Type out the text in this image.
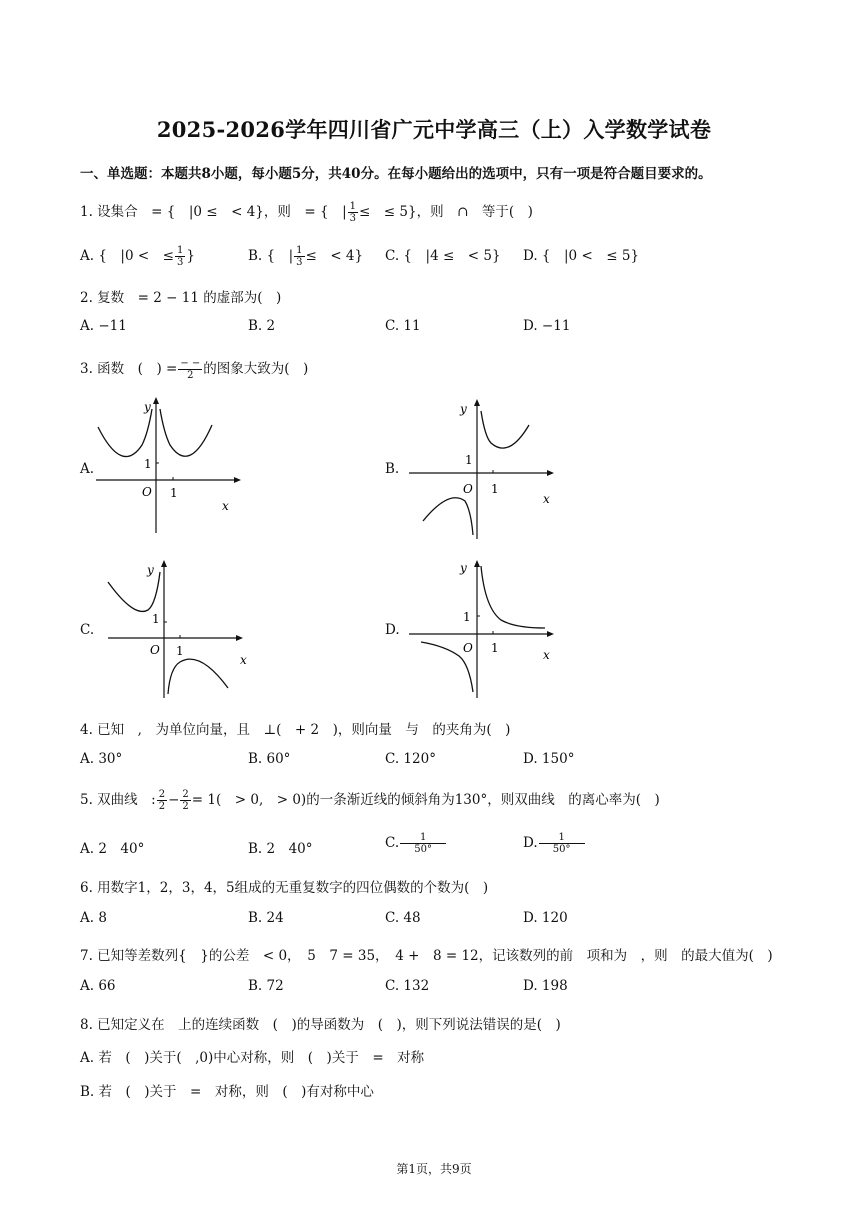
2025-2026学年四川省广元中学高三（上）入学数学试卷
一、单选题：本题共8小题，每小题5分，共40分。在每小题给出的选项中，只有一项是符合题目要求的。
1. 设集合　= {　|0 ≤　< 4}，则　= {　| $\frac{1}{3}$ ≤　≤ 5}，则　∩　等于(　)
A. {　|0 <　≤ $\frac{1}{3}$ }	B. {　| $\frac{1}{3}$ ≤　< 4} C. {　|4 ≤　< 5} D. {　|0 <　≤ 5}
2. 复数　= 2 − 11 的虚部为(　)
A. −11	B. 2	C. 11	D. −11
3. 函数　(　) = $\frac{- -}{2}$ 的图象大致为(　)
A.
y
1
O 1
x
B.
y
1
O 1
x
C.
y
1
O 1
x
D.
y
1
O 1	x
4. 已知　,　为单位向量，且　⊥(　+ 2　)，则向量　与　的夹角为(　)
A. 30°	B. 60°	C. 120°	D. 150°
5. 双曲线　: $\frac{2}{2} - \frac{2}{2} = 1$(　> 0,　> 0)的一条渐近线的倾斜角为130°，则双曲线　的离心率为(　)
A. 2　40°	B. 2　40°	C. $\frac{1}{50^\circ}$	D. $\frac{1}{50^\circ}$
6. 用数字1，2，3，4，5组成的无重复数字的四位偶数的个数为(　)
A. 8	B. 24	C. 48	D. 120
7. 已知等差数列{　}的公差　< 0，　5　7 = 35，　4 +　8 = 12，记该数列的前　项和为　，则　的最大值为(　)
A. 66	B. 72	C. 132	D. 198
8. 已知定义在　上的连续函数　(　)的导函数为　(　)，则下列说法错误的是(　)
A. 若　(　)关于(　,0)中心对称，则　(　)关于　=　对称
B. 若　(　)关于　=　对称，则　(　)有对称中心
第1页，共9页
